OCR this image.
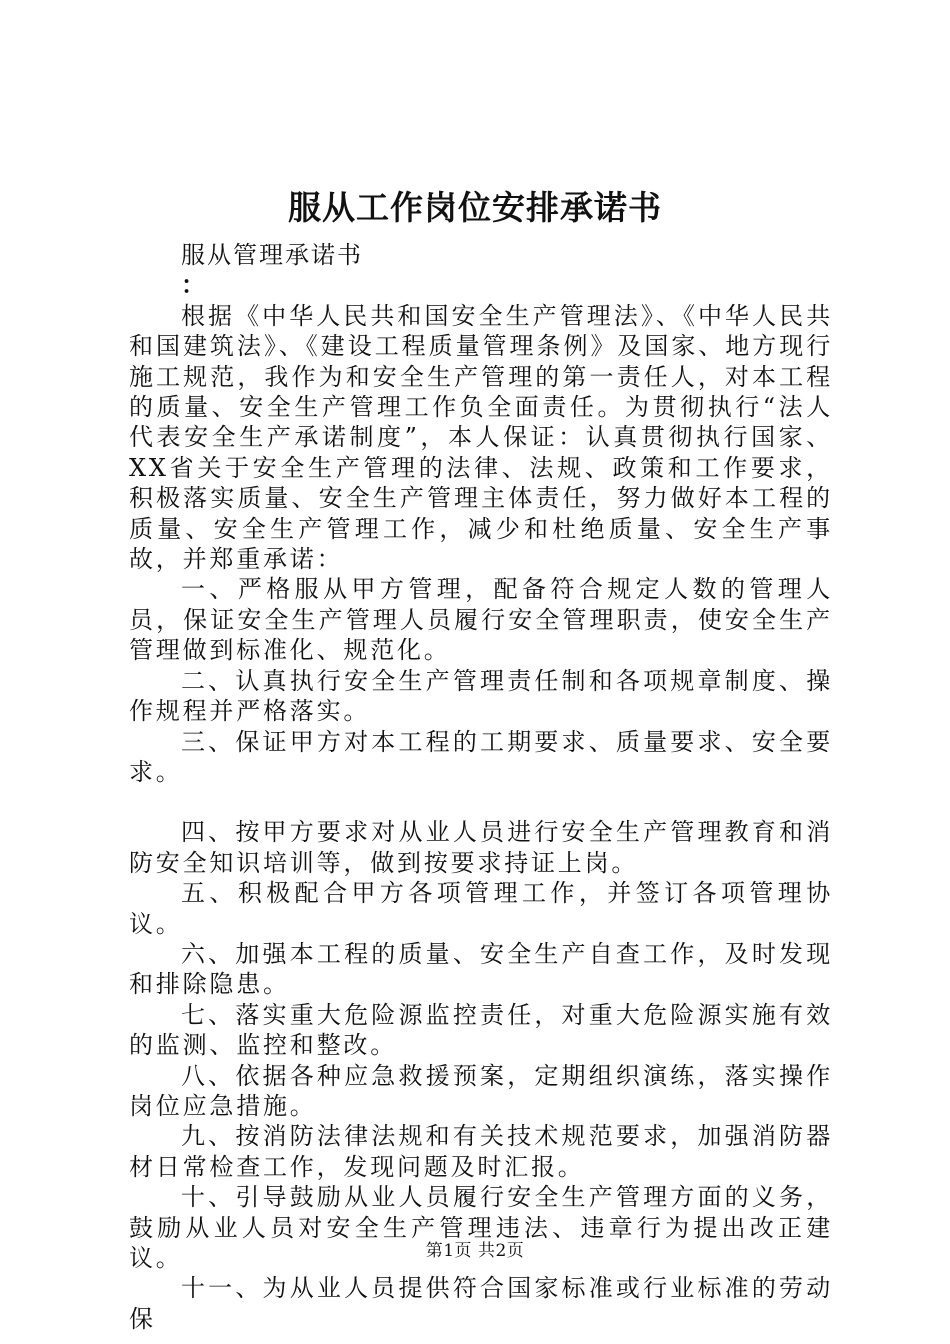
服从工作岗位安排承诺书

服从管理承诺书

：

根据《中华人民共和国安全生产管理法》、《中华人民共和国建筑法》、《建设工程质量管理条例》及国家、地方现行施工规范，我作为和安全生产管理的第一责任人，对本工程的质量、安全生产管理工作负全面责任。为贯彻执行“法人代表安全生产承诺制度”，本人保证：认真贯彻执行国家、XX省关于安全生产管理的法律、法规、政策和工作要求，积极落实质量、安全生产管理主体责任，努力做好本工程的质量、安全生产管理工作，减少和杜绝质量、安全生产事故，并郑重承诺：

一、严格服从甲方管理，配备符合规定人数的管理人员，保证安全生产管理人员履行安全管理职责，使安全生产管理做到标准化、规范化。

二、认真执行安全生产管理责任制和各项规章制度、操作规程并严格落实。

三、保证甲方对本工程的工期要求、质量要求、安全要求。

四、按甲方要求对从业人员进行安全生产管理教育和消防安全知识培训等，做到按要求持证上岗。

五、积极配合甲方各项管理工作，并签订各项管理协议。

六、加强本工程的质量、安全生产自查工作，及时发现和排除隐患。

七、落实重大危险源监控责任，对重大危险源实施有效的监测、监控和整改。

八、依据各种应急救援预案，定期组织演练，落实操作岗位应急措施。

九、按消防法律法规和有关技术规范要求，加强消防器材日常检查工作，发现问题及时汇报。

十、引导鼓励从业人员履行安全生产管理方面的义务，鼓励从业人员对安全生产管理违法、违章行为提出改正建议。

十一、为从业人员提供符合国家标准或行业标准的劳动保

第1页 共2页
